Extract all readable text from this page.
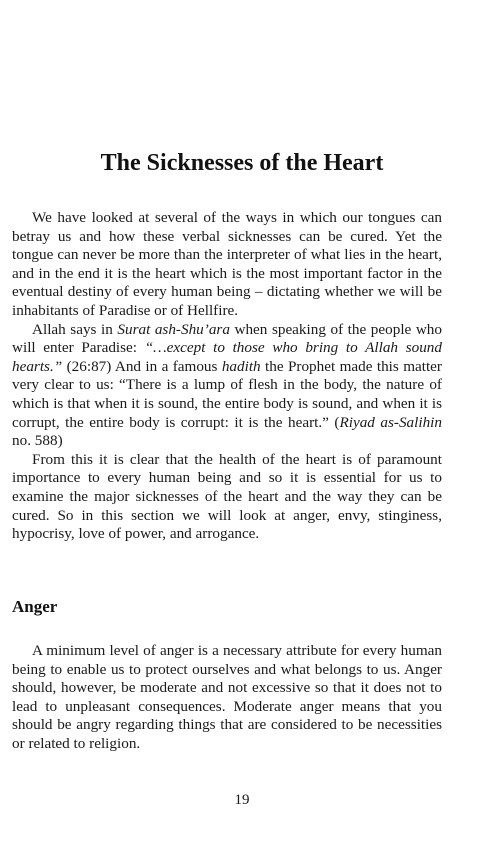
The Sicknesses of the Heart

We have looked at several of the ways in which our tongues can betray us and how these verbal sicknesses can be cured. Yet the tongue can never be more than the interpreter of what lies in the heart, and in the end it is the heart which is the most important factor in the eventual destiny of every human being – dictating whether we will be inhabitants of Paradise or of Hellfire.

Allah says in Surat ash-Shu’ara when speaking of the people who will enter Paradise: “…except to those who bring to Allah sound hearts.” (26:87) And in a famous hadith the Prophet made this matter very clear to us: “There is a lump of flesh in the body, the nature of which is that when it is sound, the entire body is sound, and when it is corrupt, the entire body is corrupt: it is the heart.” (Riyad as-Salihin no. 588)

From this it is clear that the health of the heart is of paramount importance to every human being and so it is essential for us to examine the major sicknesses of the heart and the way they can be cured. So in this section we will look at anger, envy, stinginess, hypocrisy, love of power, and arrogance.

Anger

A minimum level of anger is a necessary attribute for every human being to enable us to protect ourselves and what belongs to us. Anger should, however, be moderate and not excessive so that it does not to lead to unpleasant consequences. Moderate anger means that you should be angry regarding things that are considered to be necessities or related to religion.

19
